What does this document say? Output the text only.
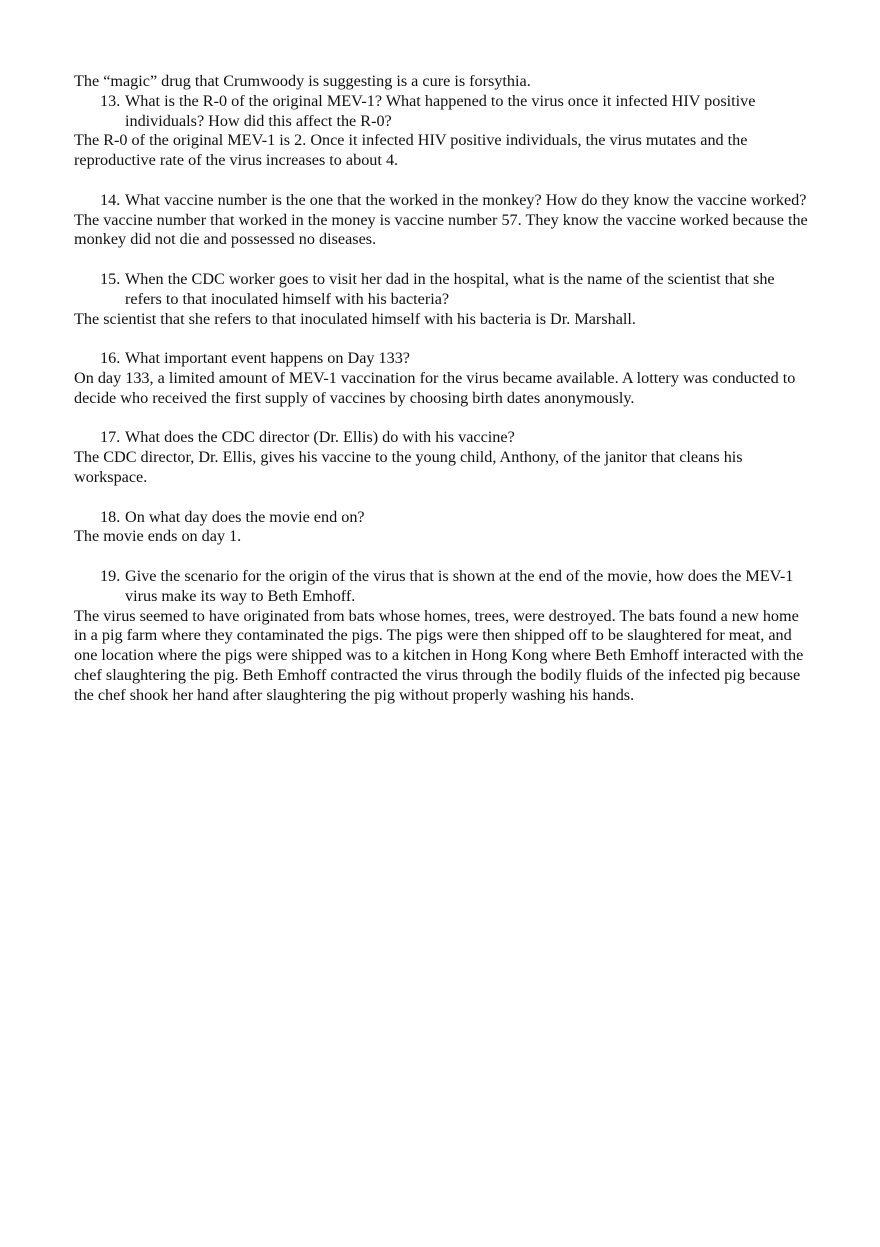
The “magic” drug that Crumwoody is suggesting is a cure is forsythia.

13. What is the R-0 of the original MEV-1? What happened to the virus once it infected HIV positive individuals? How did this affect the R-0?

The R-0 of the original MEV-1 is 2. Once it infected HIV positive individuals, the virus mutates and the reproductive rate of the virus increases to about 4.

14. What vaccine number is the one that the worked in the monkey? How do they know the vaccine worked?

The vaccine number that worked in the money is vaccine number 57. They know the vaccine worked because the monkey did not die and possessed no diseases.

15. When the CDC worker goes to visit her dad in the hospital, what is the name of the scientist that she refers to that inoculated himself with his bacteria?

The scientist that she refers to that inoculated himself with his bacteria is Dr. Marshall.

16. What important event happens on Day 133?

On day 133, a limited amount of MEV-1 vaccination for the virus became available. A lottery was conducted to decide who received the first supply of vaccines by choosing birth dates anonymously.

17. What does the CDC director (Dr. Ellis) do with his vaccine?

The CDC director, Dr. Ellis, gives his vaccine to the young child, Anthony, of the janitor that cleans his workspace.

18. On what day does the movie end on?

The movie ends on day 1.

19. Give the scenario for the origin of the virus that is shown at the end of the movie, how does the MEV-1 virus make its way to Beth Emhoff.

The virus seemed to have originated from bats whose homes, trees, were destroyed. The bats found a new home in a pig farm where they contaminated the pigs. The pigs were then shipped off to be slaughtered for meat, and one location where the pigs were shipped was to a kitchen in Hong Kong where Beth Emhoff interacted with the chef slaughtering the pig. Beth Emhoff contracted the virus through the bodily fluids of the infected pig because the chef shook her hand after slaughtering the pig without properly washing his hands.
